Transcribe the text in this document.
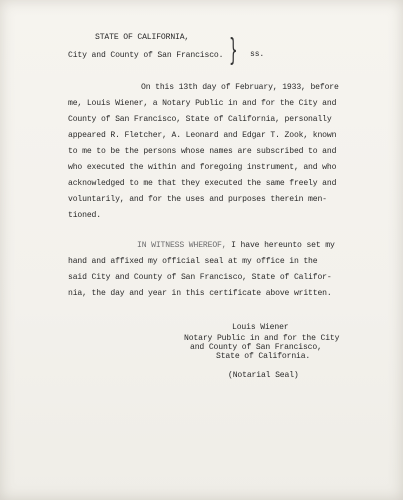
STATE OF CALIFORNIA,
City and County of San Francisco. } ss.
On this 13th day of February, 1933, before
me, Louis Wiener, a Notary Public in and for the City and
County of San Francisco, State of California, personally
appeared R. Fletcher, A. Leonard and Edgar T. Zook, known
to me to be the persons whose names are subscribed to and
who executed the within and foregoing instrument, and who
acknowledged to me that they executed the same freely and
voluntarily, and for the uses and purposes therein men-
tioned.
IN WITNESS WHEREOF, I have hereunto set my
hand and affixed my official seal at my office in the
said City and County of San Francisco, State of Califor-
nia, the day and year in this certificate above written.
Louis Wiener
Notary Public in and for the City
and County of San Francisco,
State of California.
(Notarial Seal)
